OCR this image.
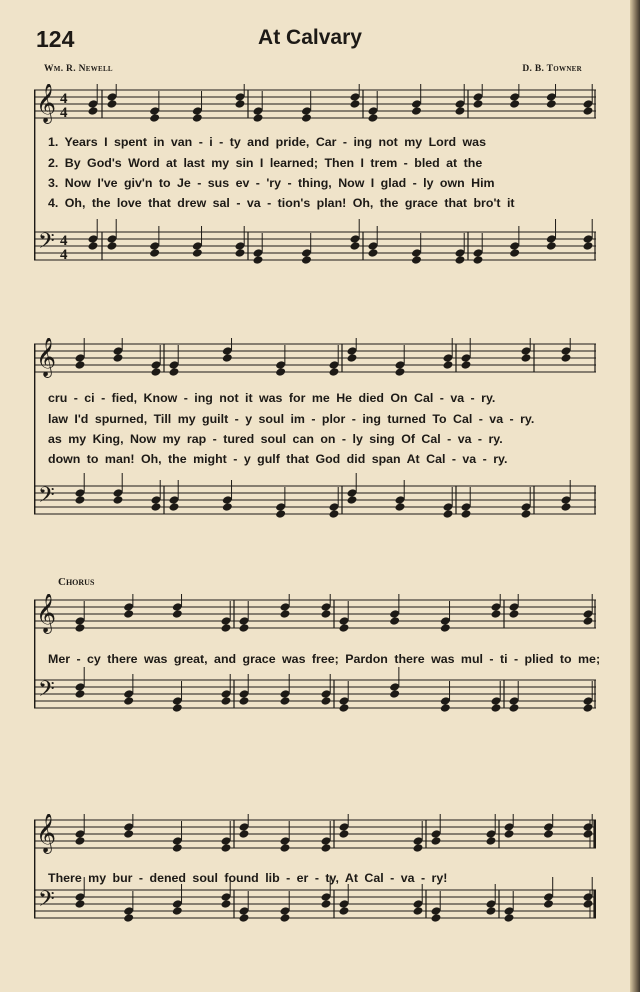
124	At Calvary
Wm. R. Newell	D. B. Towner
𝄞 4
4
𝄢 4
4
1. Years I spent in van - i - ty and pride, Car - ing not my Lord was
2. By God's Word at last my sin I learned; Then I trem - bled at the
3. Now I've giv'n to Je - sus ev - 'ry - thing, Now I glad - ly own Him
4. Oh, the love that drew sal - va - tion's plan! Oh, the grace that bro't it
𝄞
𝄢
cru - ci - fied, Know - ing not it was for me He died On Cal - va - ry.
law I'd spurned, Till my guilt - y soul im - plor - ing turned To Cal - va - ry.
as my King, Now my rap - tured soul can on - ly sing Of Cal - va - ry.
down to man! Oh, the might - y gulf that God did span At Cal - va - ry.
Chorus
𝄞
𝄢
Mer - cy there was great, and grace was free; Pardon there was mul - ti - plied to me;
𝄞
𝄢
There my bur - dened soul found lib - er - ty, At Cal - va - ry!
